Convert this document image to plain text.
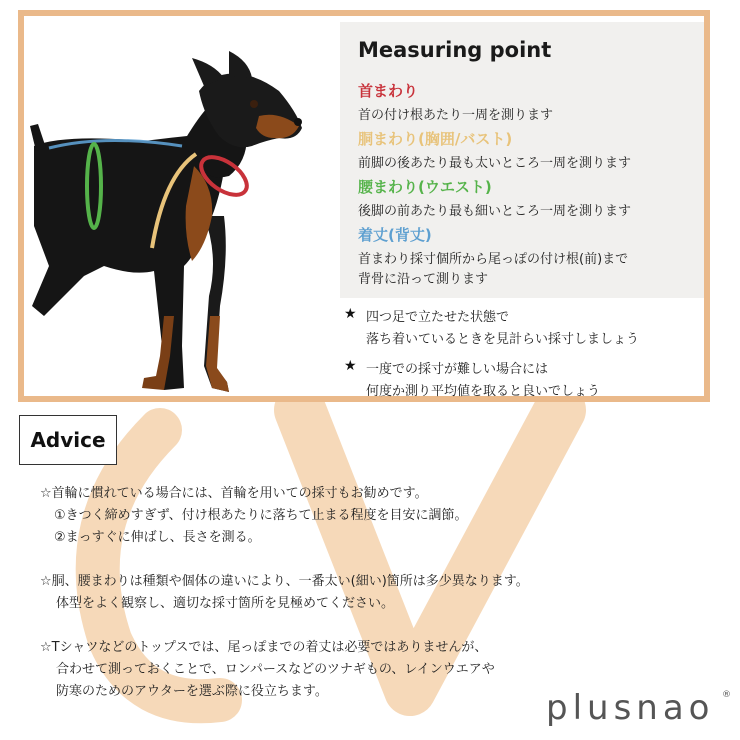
Measuring point
首まわり
首の付け根あたり一周を測ります
胴まわり(胸囲/バスト)
前脚の後あたり最も太いところ一周を測ります
腰まわり(ウエスト)
後脚の前あたり最も細いところ一周を測ります
着丈(背丈)
首まわり採寸個所から尾っぽの付け根(前)まで
背骨に沿って測ります
★ 四つ足で立たせた状態で
落ち着いているときを見計らい採寸しましょう
★ 一度での採寸が難しい場合には
何度か測り平均値を取ると良いでしょう
Advice
☆首輪に慣れている場合には、首輪を用いての採寸もお勧めです。
①きつく締めすぎず、付け根あたりに落ちて止まる程度を目安に調節。
②まっすぐに伸ばし、長さを測る。
☆胴、腰まわりは種類や個体の違いにより、一番太い(細い)箇所は多少異なります。
体型をよく観察し、適切な採寸箇所を見極めてください。
☆Tシャツなどのトップスでは、尾っぽまでの着丈は必要ではありませんが、
合わせて測っておくことで、ロンパースなどのツナギもの、レインウエアや
防寒のためのアウターを選ぶ際に役立ちます。	plusnao ®
